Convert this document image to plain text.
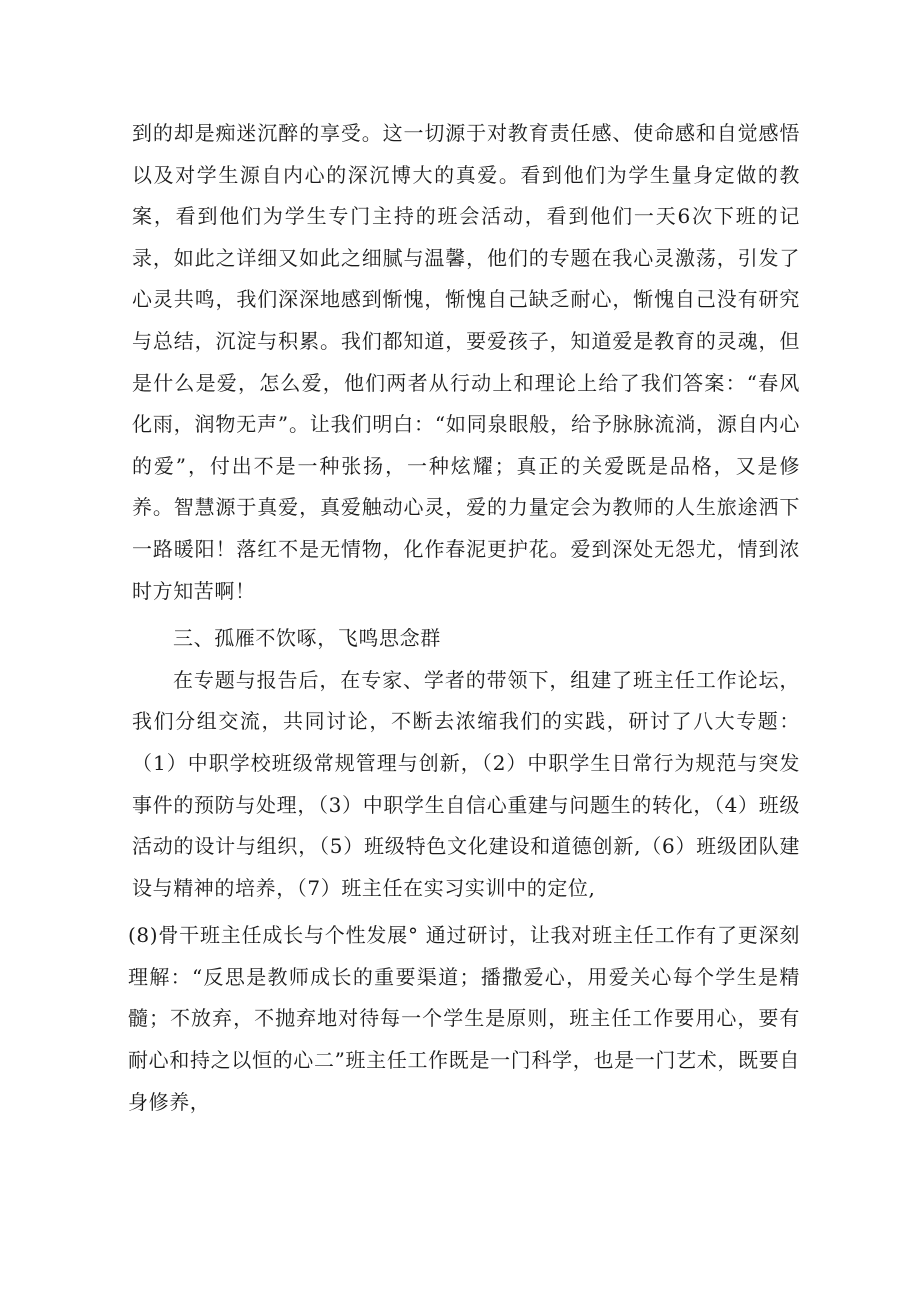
到的却是痴迷沉醉的享受。这一切源于对教育责任感、使命感和自觉感悟以及对学生源自内心的深沉博大的真爱。看到他们为学生量身定做的教案，看到他们为学生专门主持的班会活动，看到他们一天6次下班的记录，如此之详细又如此之细腻与温馨，他们的专题在我心灵激荡，引发了心灵共鸣，我们深深地感到惭愧，惭愧自己缺乏耐心，惭愧自己没有研究与总结，沉淀与积累。我们都知道，要爱孩子，知道爱是教育的灵魂，但是什么是爱，怎么爱，他们两者从行动上和理论上给了我们答案：“春风化雨，润物无声”。让我们明白：“如同泉眼般，给予脉脉流淌，源自内心的爱”，付出不是一种张扬，一种炫耀；真正的关爱既是品格，又是修养。智慧源于真爱，真爱触动心灵，爱的力量定会为教师的人生旅途洒下一路暖阳！落红不是无情物，化作春泥更护花。爱到深处无怨尤，情到浓时方知苦啊！

三、孤雁不饮啄，飞鸣思念群

在专题与报告后，在专家、学者的带领下，组建了班主任工作论坛，我们分组交流，共同讨论，不断去浓缩我们的实践，研讨了八大专题：（1）中职学校班级常规管理与创新，（2）中职学生日常行为规范与突发事件的预防与处理，（3）中职学生自信心重建与问题生的转化，（4）班级活动的设计与组织，（5）班级特色文化建设和道德创新,（6）班级团队建设与精神的培养，（7）班主任在实习实训中的定位,

(8)骨干班主任成长与个性发展° 通过研讨，让我对班主任工作有了更深刻理解：“反思是教师成长的重要渠道；播撒爱心，用爱关心每个学生是精髓；不放弃，不抛弃地对待每一个学生是原则，班主任工作要用心，要有耐心和持之以恒的心二”班主任工作既是一门科学，也是一门艺术，既要自身修养，
